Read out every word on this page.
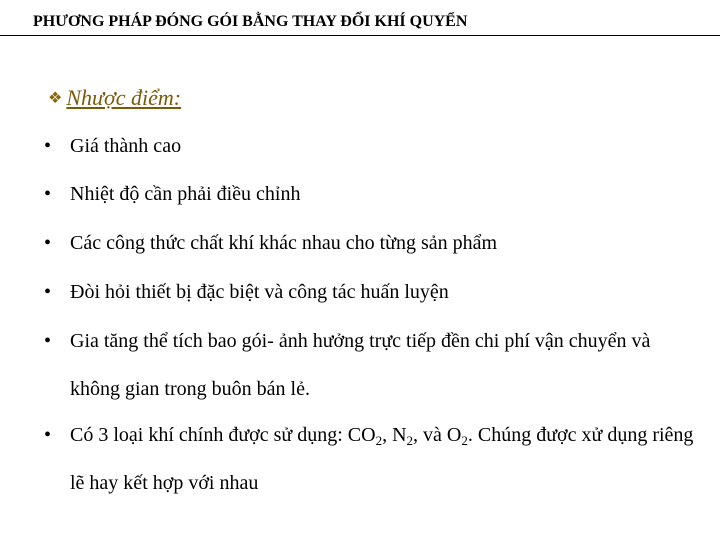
PHƯƠNG PHÁP ĐÓNG GÓI BẰNG THAY ĐỔI KHÍ QUYỂN
❖ Nhược điểm:
• Giá thành cao
• Nhiệt độ cần phải điều chỉnh
• Các công thức chất khí khác nhau cho từng sản phẩm
• Đòi hỏi thiết bị đặc biệt và công tác huấn luyện
• Gia tăng thể tích bao gói- ảnh hưởng trực tiếp đền chi phí vận chuyển và không gian trong buôn bán lẻ.
• Có 3 loại khí chính được sử dụng: $CO_2$, $N_2$, và $O_2$. Chúng được xử dụng riêng lẽ hay kết hợp với nhau
